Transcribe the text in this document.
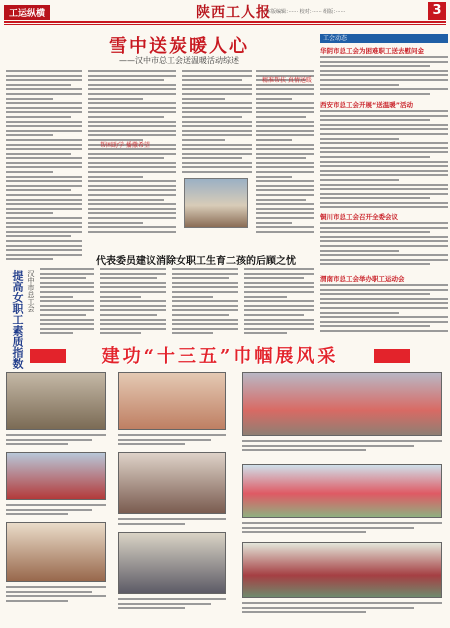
工运纵横	陕西工人报
本版编辑：······ 校对：······ 组版：······	3
雪中送炭暖人心
——汉中市总工会送温暖活动综述
帮困助学 播撒希望
精准帮扶 真情送暖
提高女职工素质指数 汉中市总工会
代表委员建议消除女职工生育二孩的后顾之忧
工会动态
华阴市总工会为困难职工送去慰问金
西安市总工会开展“送温暖”活动
铜川市总工会召开全委会议
渭南市总工会举办职工运动会
建功“十三五”巾帼展风采
